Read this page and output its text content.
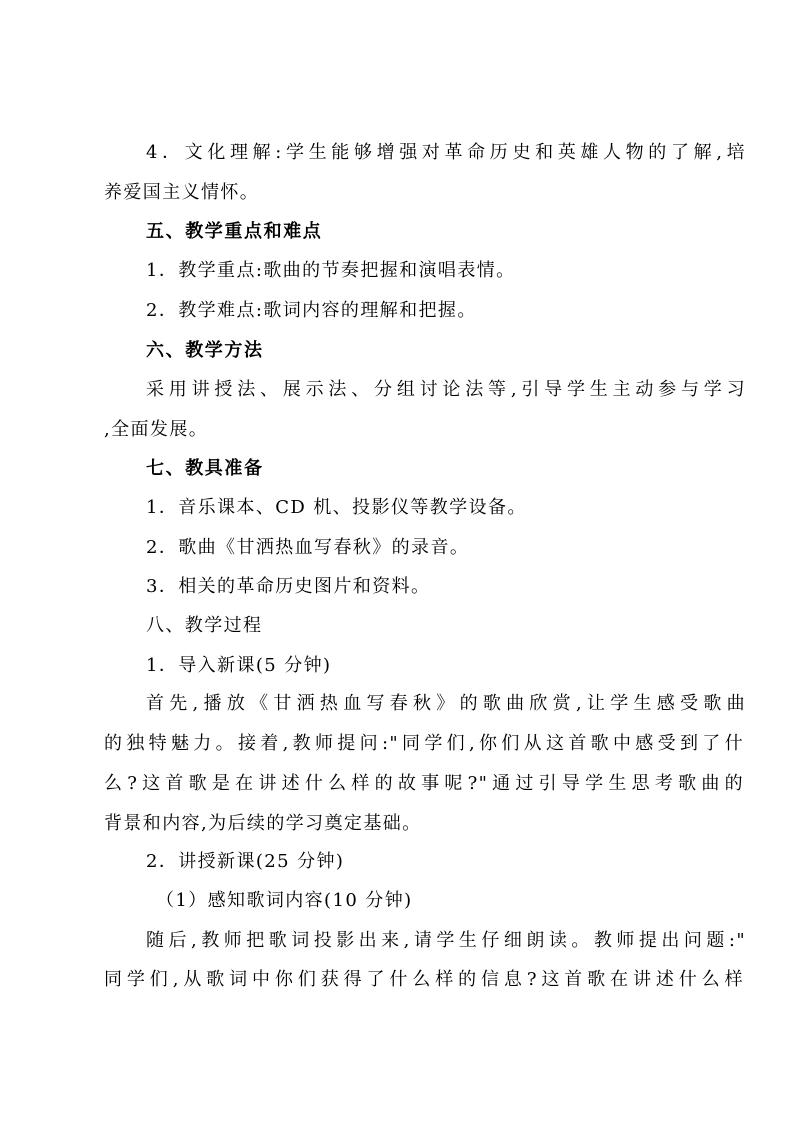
4．文化理解:学生能够增强对革命历史和英雄人物的了解,培
养爱国主义情怀。
五、教学重点和难点
1．教学重点:歌曲的节奏把握和演唱表情。
2．教学难点:歌词内容的理解和把握。
六、教学方法
采用讲授法、展示法、分组讨论法等,引导学生主动参与学习
,全面发展。
七、教具准备
1．音乐课本、CD 机、投影仪等教学设备。
2．歌曲《甘洒热血写春秋》的录音。
3．相关的革命历史图片和资料。
八、教学过程
1．导入新课(5 分钟)
首先,播放《甘洒热血写春秋》的歌曲欣赏,让学生感受歌曲
的独特魅力。接着,教师提问:"同学们,你们从这首歌中感受到了什
么?这首歌是在讲述什么样的故事呢?"通过引导学生思考歌曲的
背景和内容,为后续的学习奠定基础。
2．讲授新课(25 分钟)
（1）感知歌词内容(10 分钟)
随后,教师把歌词投影出来,请学生仔细朗读。教师提出问题:"
同学们,从歌词中你们获得了什么样的信息?这首歌在讲述什么样
